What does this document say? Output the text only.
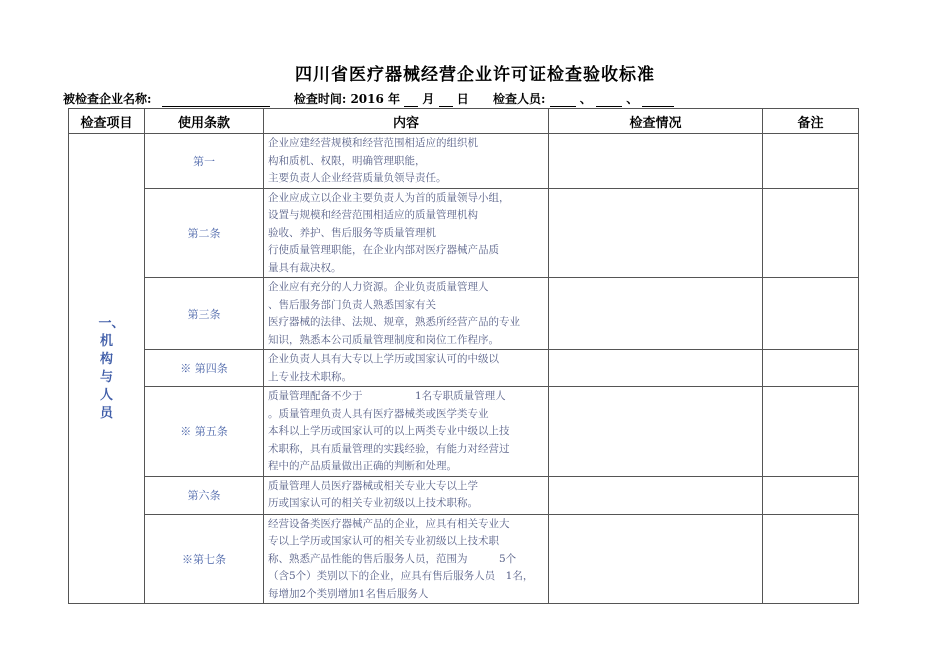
四川省医疗器械经营企业许可证检查验收标准
被检查企业名称:	检查时间: 2016 年 月 日 检查人员:	、	、
检查项目	使用条款	内容	检查情况	备注

一、机构与人员	第一	企业应建经营规模和经营范围相适应的组织机
构和质机、权限，明确管理职能，
主要负责人企业经营质量负领导责任。		

	第二条	企业应成立以企业主要负责人为首的质量领导小组，
设置与规模和经营范围相适应的质量管理机构
验收、养护、售后服务等质量管理机
行使质量管理职能，在企业内部对医疗器械产品质
量具有裁决权。		

	第三条	企业应有充分的人力资源。企业负责质量管理人
、售后服务部门负责人熟悉国家有关
医疗器械的法律、法规、规章，熟悉所经营产品的专业
知识，熟悉本公司质量管理制度和岗位工作程序。		

	※ 第四条	企业负责人具有大专以上学历或国家认可的中级以
上专业技术职称。		

	※ 第五条	质量管理配备不少于　　　　　1名专职质量管理人
。质量管理负责人具有医疗器械类或医学类专业
本科以上学历或国家认可的以上两类专业中级以上技
术职称，具有质量管理的实践经验，有能力对经营过
程中的产品质量做出正确的判断和处理。		

	第六条	质量管理人员医疗器械或相关专业大专以上学
历或国家认可的相关专业初级以上技术职称。		

	※第七条	经营设备类医疗器械产品的企业，应具有相关专业大
专以上学历或国家认可的相关专业初级以上技术职
称、熟悉产品性能的售后服务人员，范围为　　　5个
（含5个）类别以下的企业，应具有售后服务人员　1名，
每增加2个类别增加1名售后服务人		
